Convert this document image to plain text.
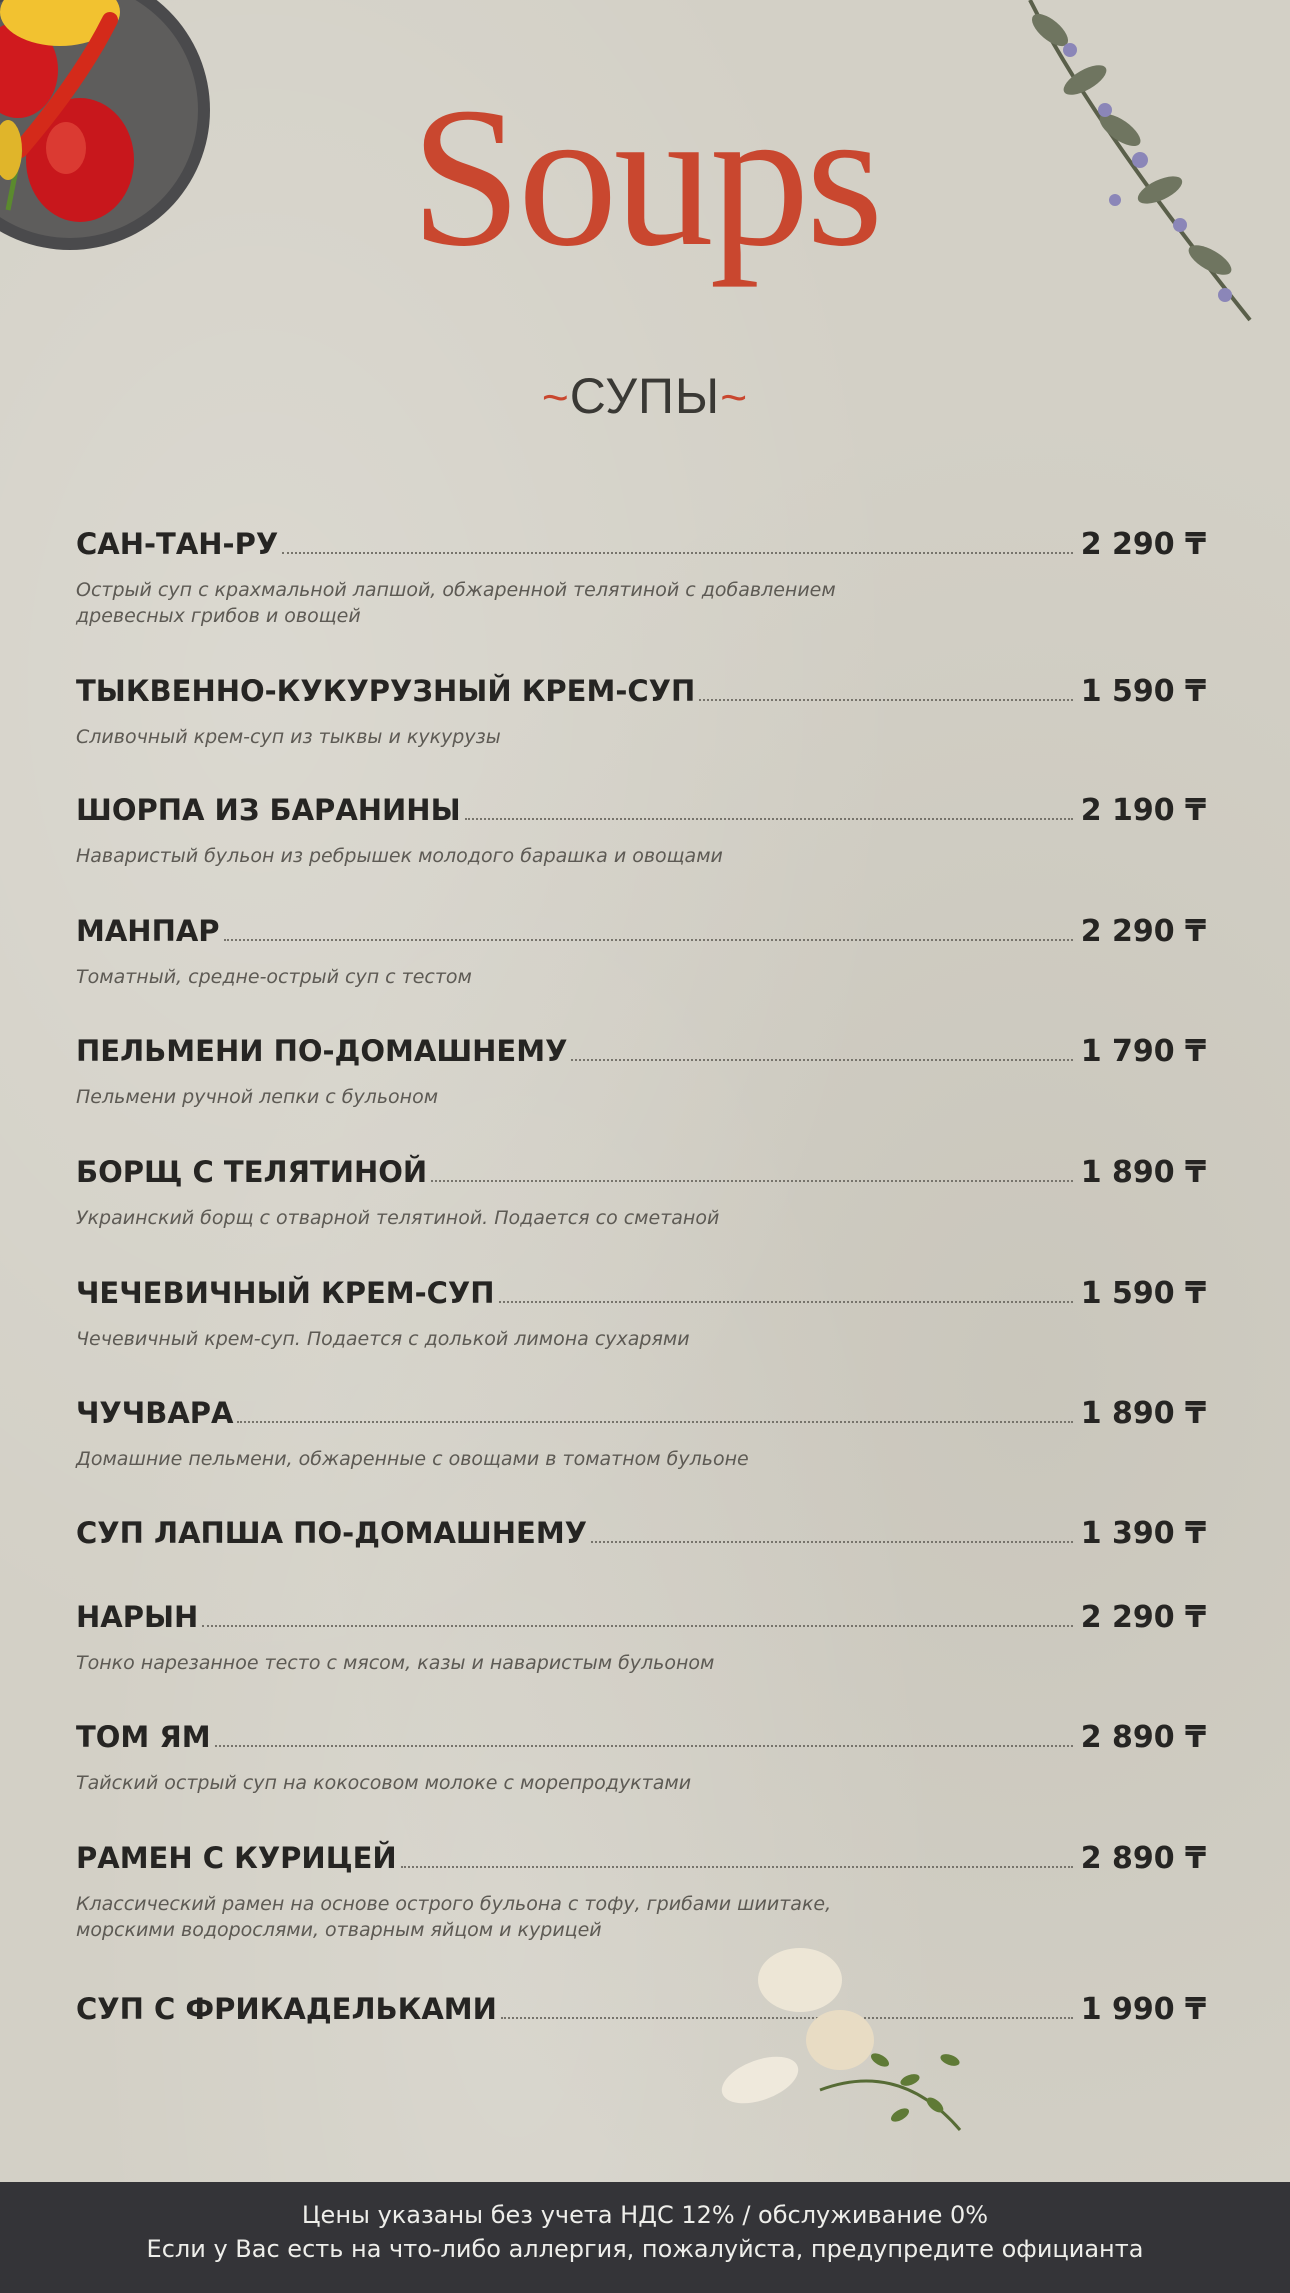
Soups
~СУПЫ~
САН-ТАН-РУ	2 290 ₸
Острый суп с крахмальной лапшой, обжаренной телятиной с добавлением древесных грибов и овощей
ТЫКВЕННО-КУКУРУЗНЫЙ КРЕМ-СУП	1 590 ₸
Сливочный крем-суп из тыквы и кукурузы
ШОРПА ИЗ БАРАНИНЫ	2 190 ₸
Наваристый бульон из ребрышек молодого барашка и овощами
МАНПАР	2 290 ₸
Томатный, средне-острый суп с тестом
ПЕЛЬМЕНИ ПО-ДОМАШНЕМУ	1 790 ₸
Пельмени ручной лепки с бульоном
БОРЩ С ТЕЛЯТИНОЙ	1 890 ₸
Украинский борщ с отварной телятиной. Подается со сметаной
ЧЕЧЕВИЧНЫЙ КРЕМ-СУП	1 590 ₸
Чечевичный крем-суп. Подается с долькой лимона сухарями
ЧУЧВАРА	1 890 ₸
Домашние пельмени, обжаренные с овощами в томатном бульоне
СУП ЛАПША ПО-ДОМАШНЕМУ	1 390 ₸
НАРЫН	2 290 ₸
Тонко нарезанное тесто с мясом, казы и наваристым бульоном
ТОМ ЯМ	2 890 ₸
Тайский острый суп на кокосовом молоке с морепродуктами
РАМЕН С КУРИЦЕЙ	2 890 ₸
Классический рамен на основе острого бульона с тофу, грибами шиитаке, морскими водорослями, отварным яйцом и курицей
СУП С ФРИКАДЕЛЬКАМИ	1 990 ₸
Цены указаны без учета НДС 12% / обслуживание 0%
Если у Вас есть на что-либо аллергия, пожалуйста, предупредите официанта
